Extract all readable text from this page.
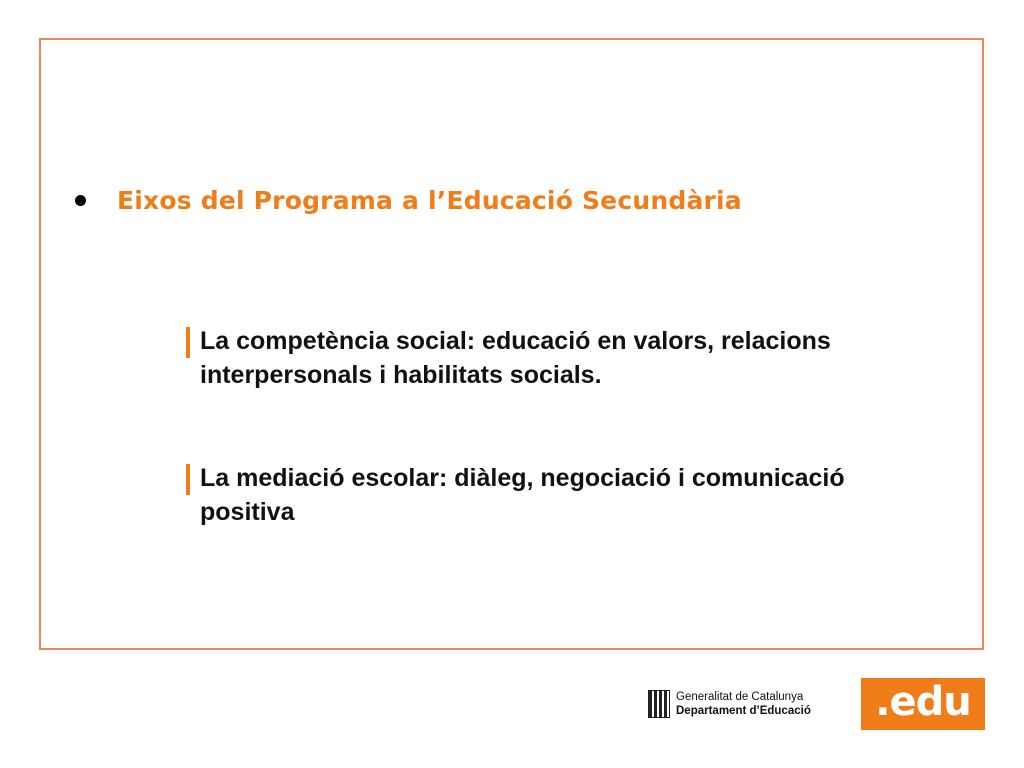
Eixos del Programa a l’Educació Secundària
La competència social: educació en valors, relacions interpersonals i habilitats socials.
La mediació escolar: diàleg, negociació i comunicació positiva
Generalitat de Catalunya
Departament d’Educació .edu
